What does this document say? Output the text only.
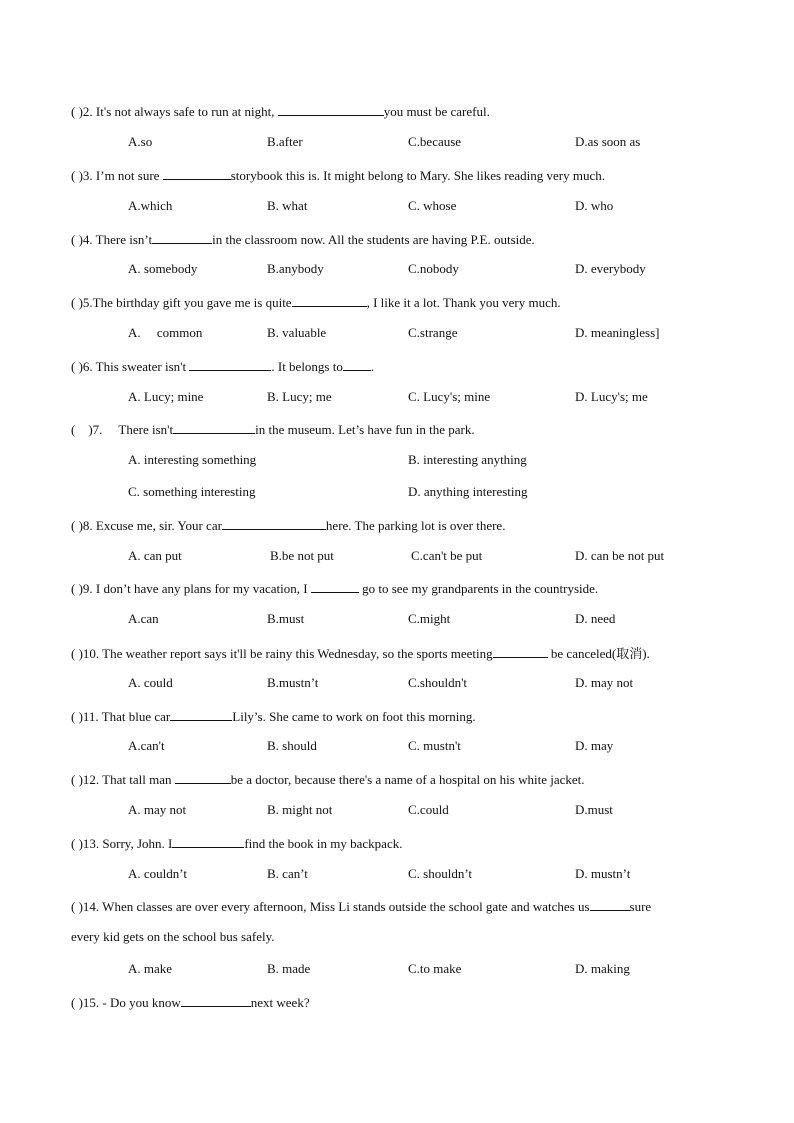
( )2. It's not always safe to run at night,	you must be careful.
A.so	B.after	C.because	D.as soon as
( )3. I’m not sure	storybook this is. It might belong to Mary. She likes reading very much.
A.which	B. what	C. whose	D. who
( )4. There isn’t	in the classroom now. All the students are having P.E. outside.
A. somebody	B.anybody	C.nobody	D. everybody
( )5.The birthday gift you gave me is quite	, I like it a lot. Thank you very much.
A.     common	B. valuable	C.strange	D. meaningless]
( )6. This sweater isn't	. It belongs to .
A. Lucy; mine	B. Lucy; me	C. Lucy's; mine	D. Lucy's; me
(    )7.     There isn't	in the museum. Let’s have fun in the park.
A. interesting something	B. interesting anything
C. something interesting	D. anything interesting
( )8. Excuse me, sir. Your car	here. The parking lot is over there.
A. can put	B.be not put	C.can't be put	D. can be not put
( )9. I don’t have any plans for my vacation, I	go to see my grandparents in the countryside.
A.can	B.must	C.might	D. need
( )10. The weather report says it'll be rainy this Wednesday, so the sports meeting	be canceled(取消).
A. could	B.mustn’t	C.shouldn't	D. may not
( )11. That blue car	Lily’s. She came to work on foot this morning.
A.can't	B. should	C. mustn't	D. may
( )12. That tall man	be a doctor, because there's a name of a hospital on his white jacket.
A. may not	B. might not	C.could	D.must
( )13. Sorry, John. I	find the book in my backpack.
A. couldn’t	B. can’t	C. shouldn’t	D. mustn’t
( )14. When classes are over every afternoon, Miss Li stands outside the school gate and watches us	sure
every kid gets on the school bus safely.
A. make	B. made	C.to make	D. making
( )15. - Do you know	next week?
